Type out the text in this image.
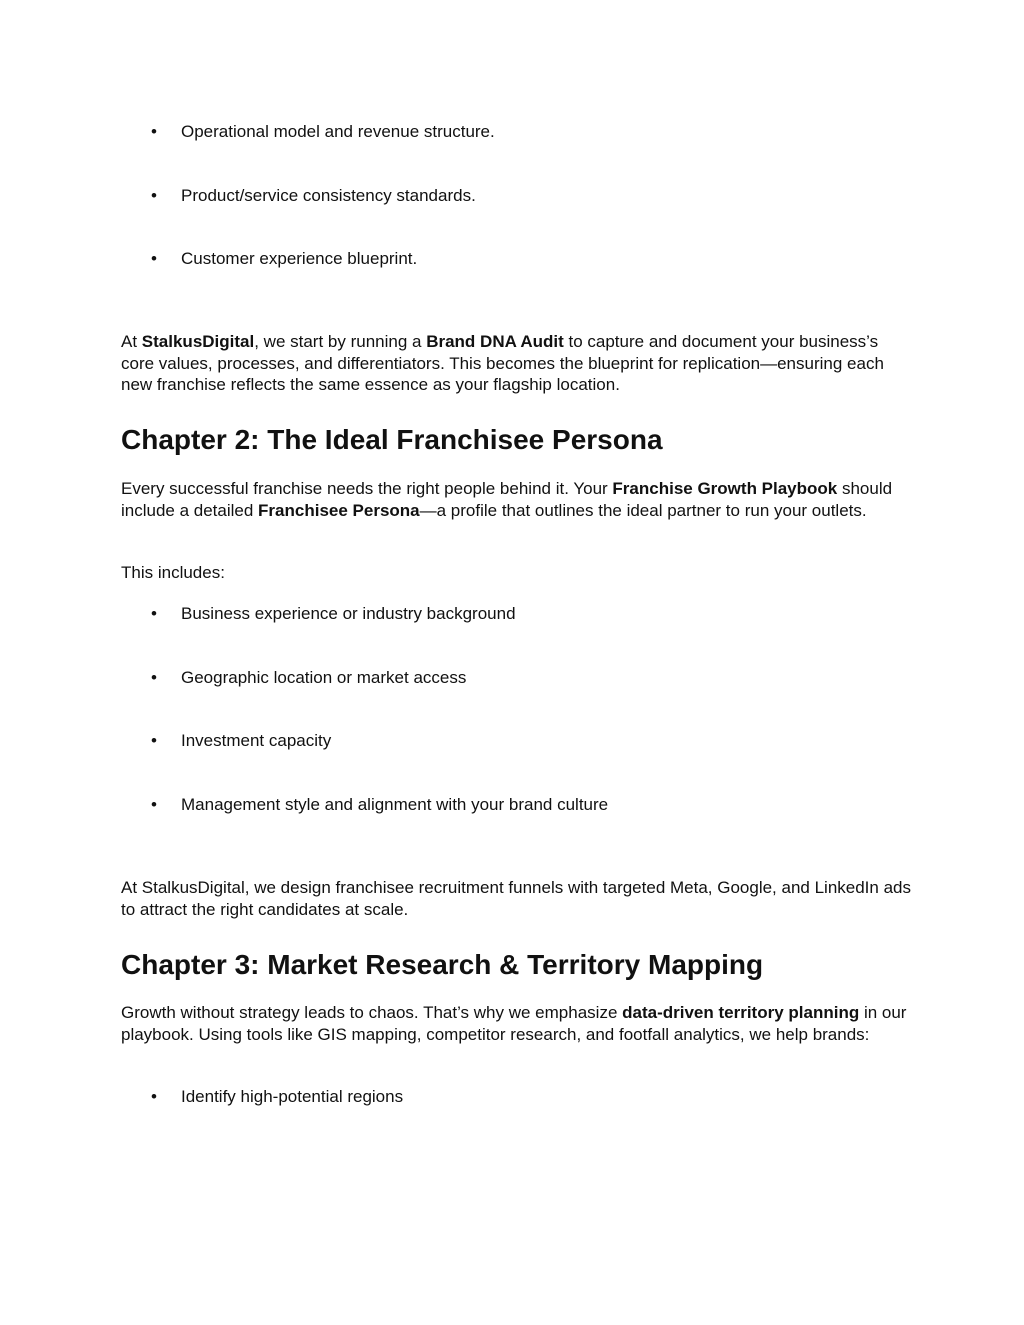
• Operational model and revenue structure.
• Product/service consistency standards.
• Customer experience blueprint.

At StalkusDigital, we start by running a Brand DNA Audit to capture and document your business’s core values, processes, and differentiators. This becomes the blueprint for replication—ensuring each new franchise reflects the same essence as your flagship location.

Chapter 2: The Ideal Franchisee Persona

Every successful franchise needs the right people behind it. Your Franchise Growth Playbook should include a detailed Franchisee Persona—a profile that outlines the ideal partner to run your outlets.

This includes:

• Business experience or industry background
• Geographic location or market access
• Investment capacity
• Management style and alignment with your brand culture

At StalkusDigital, we design franchisee recruitment funnels with targeted Meta, Google, and LinkedIn ads to attract the right candidates at scale.

Chapter 3: Market Research & Territory Mapping

Growth without strategy leads to chaos. That’s why we emphasize data-driven territory planning in our playbook. Using tools like GIS mapping, competitor research, and footfall analytics, we help brands:

• Identify high-potential regions
